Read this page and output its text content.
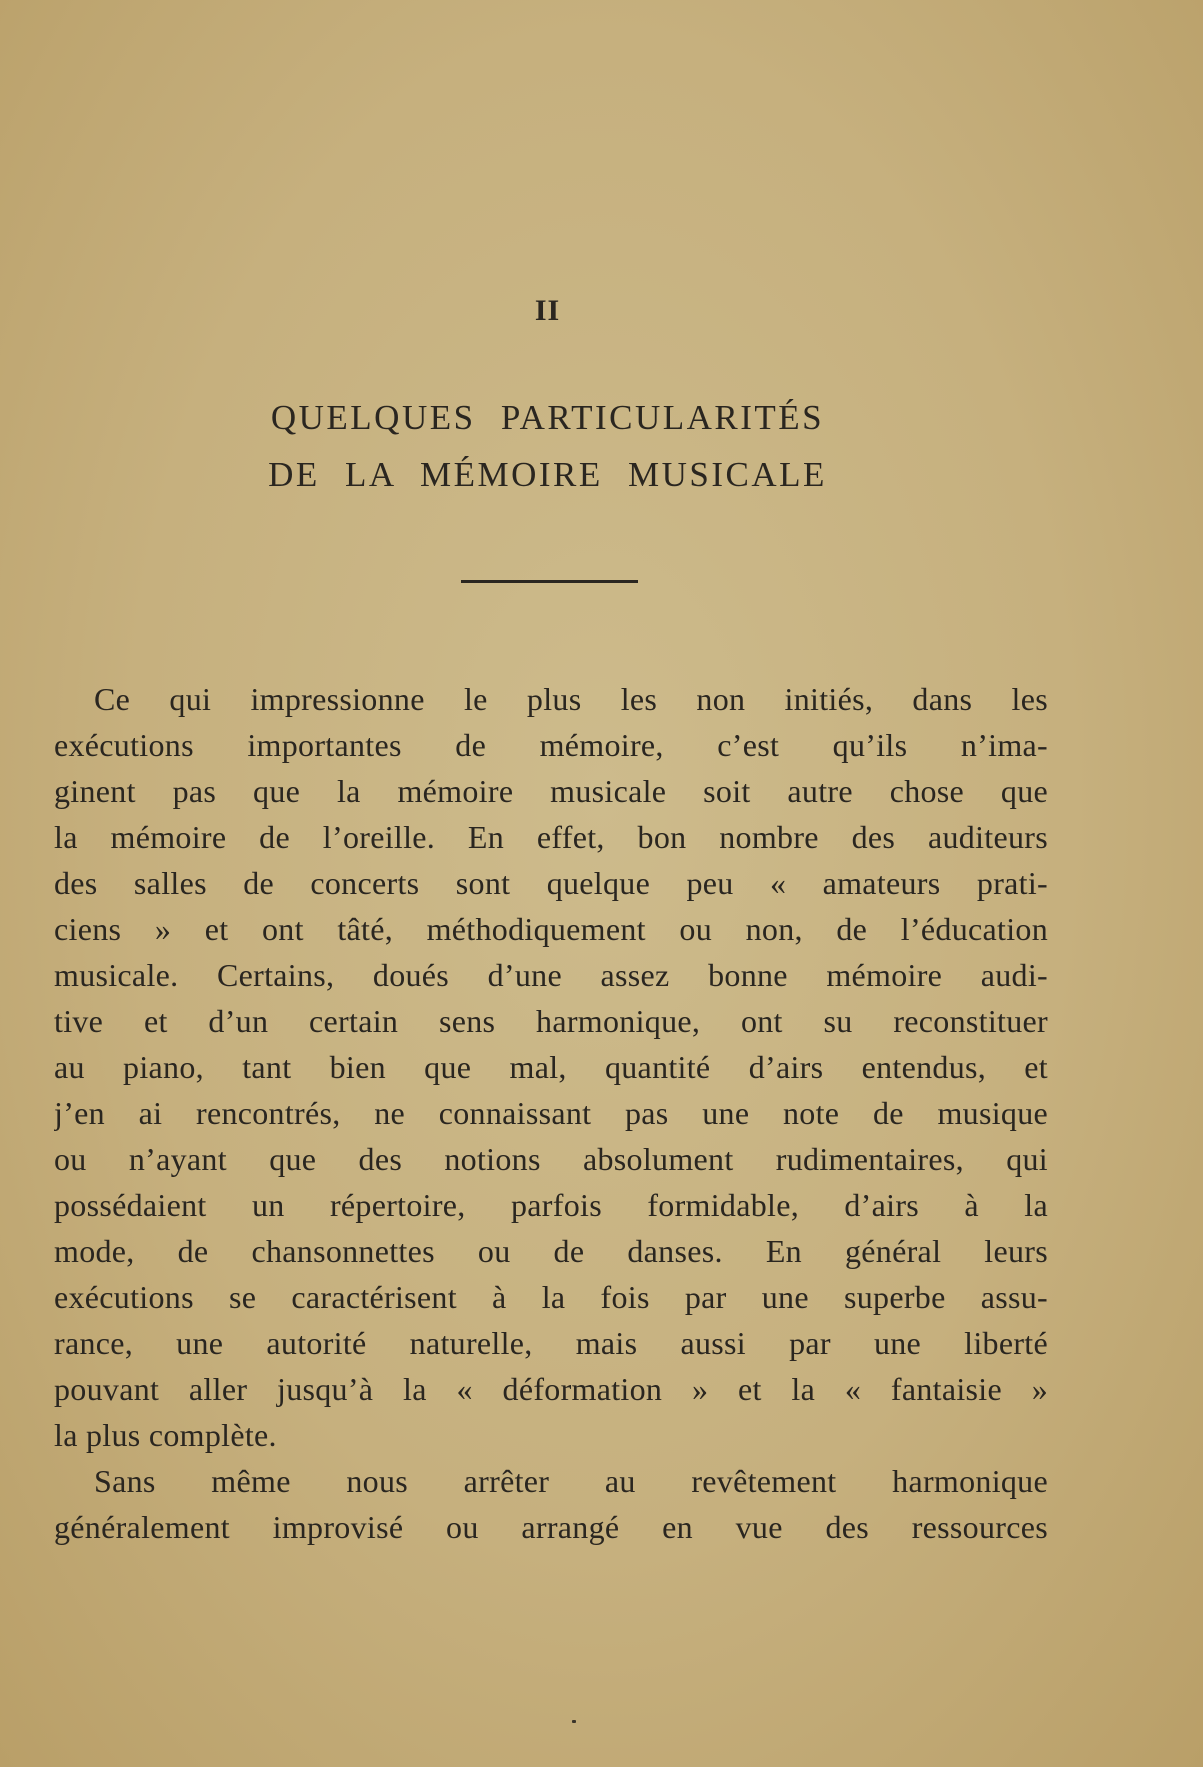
II
QUELQUES PARTICULARITÉS
DE LA MÉMOIRE MUSICALE
Ce qui impressionne le plus les non initiés, dans les
exécutions importantes de mémoire, c’est qu’ils n’ima-
ginent pas que la mémoire musicale soit autre chose que
la mémoire de l’oreille. En effet, bon nombre des auditeurs
des salles de concerts sont quelque peu « amateurs prati-
ciens » et ont tâté, méthodiquement ou non, de l’éducation
musicale. Certains, doués d’une assez bonne mémoire audi-
tive et d’un certain sens harmonique, ont su reconstituer
au piano, tant bien que mal, quantité d’airs entendus, et
j’en ai rencontrés, ne connaissant pas une note de musique
ou n’ayant que des notions absolument rudimentaires, qui
possédaient un répertoire, parfois formidable, d’airs à la
mode, de chansonnettes ou de danses. En général leurs
exécutions se caractérisent à la fois par une superbe assu-
rance, une autorité naturelle, mais aussi par une liberté
pouvant aller jusqu’à la « déformation » et la « fantaisie »
la plus complète.
Sans même nous arrêter au revêtement harmonique
généralement improvisé ou arrangé en vue des ressources
